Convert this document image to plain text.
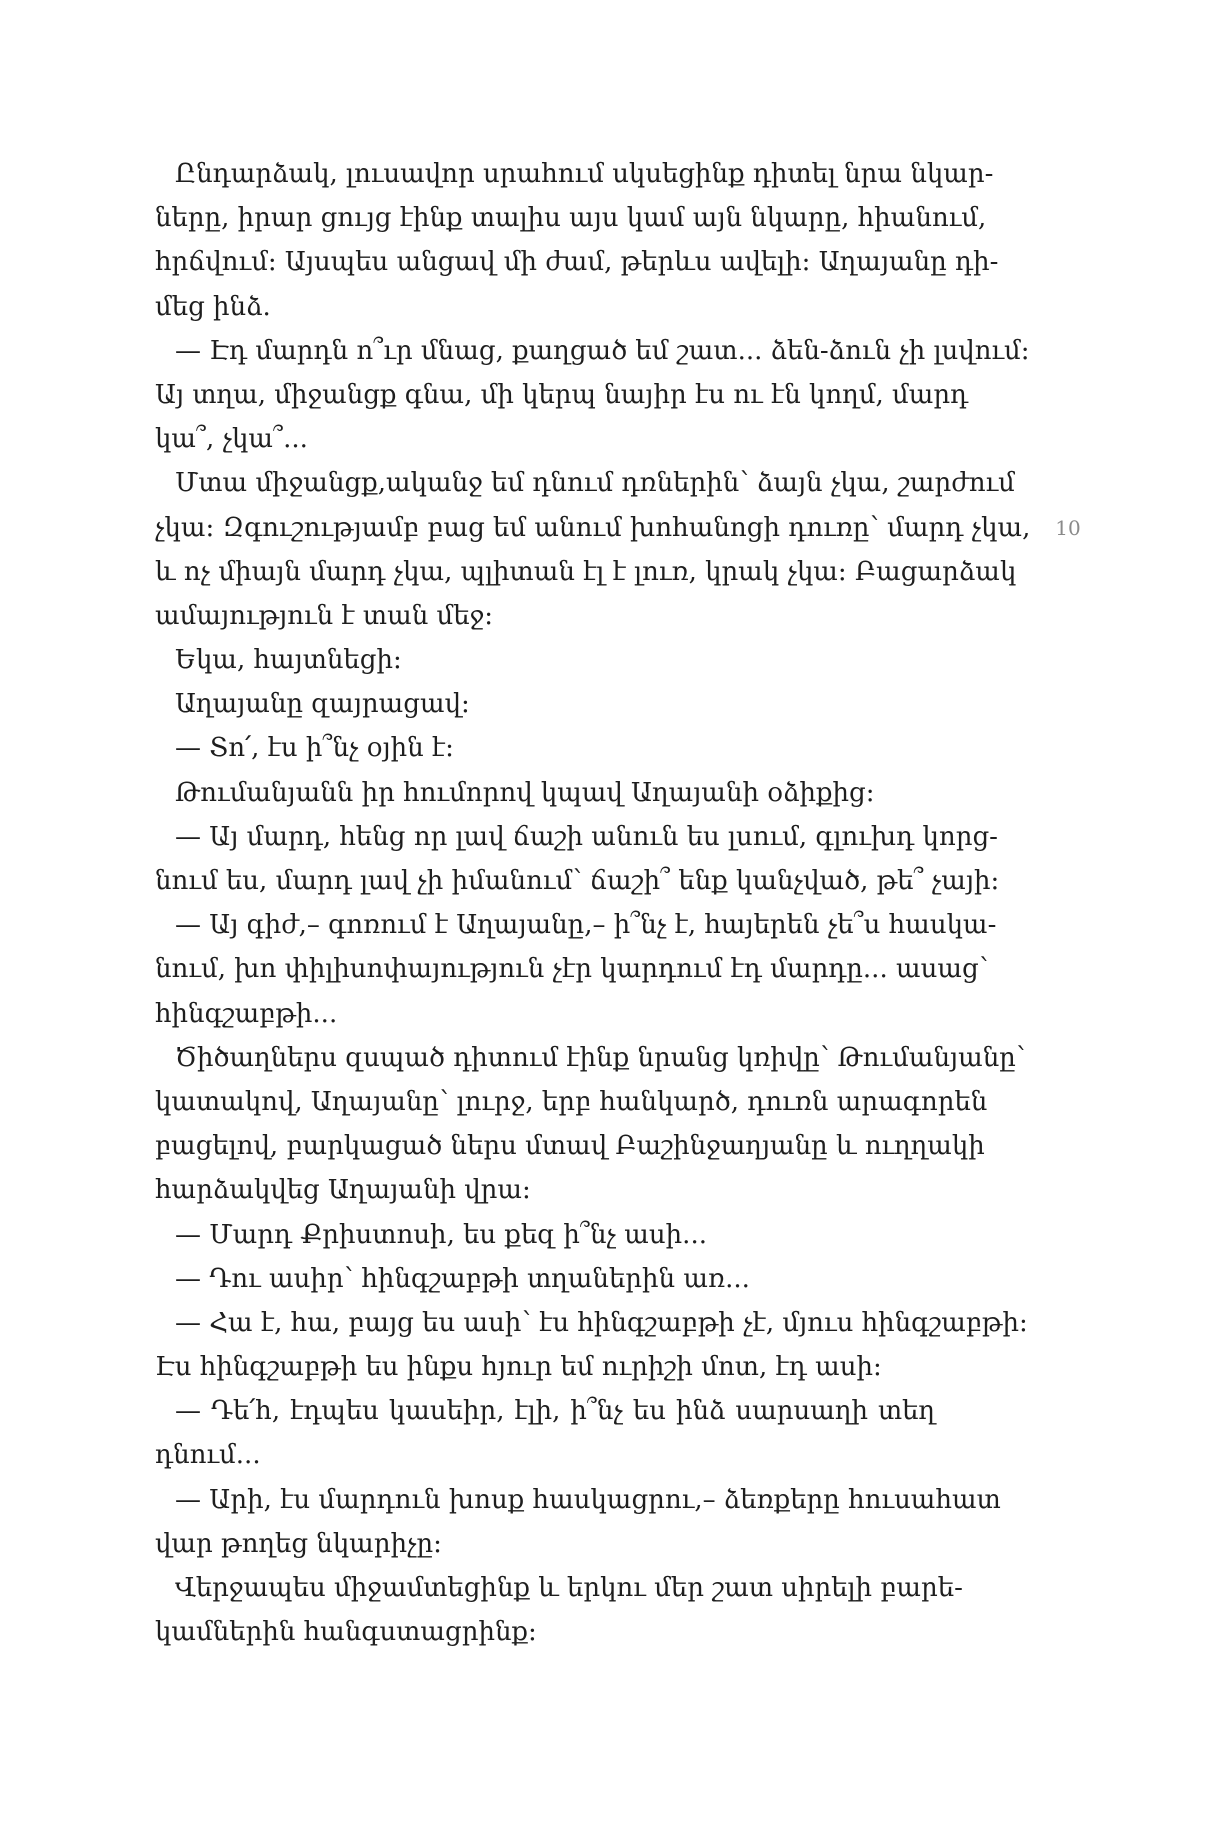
Ընդարձակ, լուսավոր սրահում սկսեցինք դիտել նրա նկար-
ները, իրար ցույց էինք տալիս այս կամ այն նկարը, հիանում,
հրճվում։ Այսպես անցավ մի ժամ, թերևս ավելի։ Աղայանը դի-
մեց ինձ.
— Էդ մարդն ո՞ւր մնաց, քաղցած եմ շատ... ձեն-ձուն չի լսվում։
Այ տղա, միջանցք գնա, մի կերպ նայիր էս ու էն կողմ, մարդ
կա՞, չկա՞...
Մտա միջանցք,ականջ եմ դնում դռներին՝ ձայն չկա, շարժում
չկա։ Զգուշությամբ բաց եմ անում խոհանոցի դուռը՝ մարդ չկա,
և ոչ միայն մարդ չկա, պլիտան էլ է լուռ, կրակ չկա։ Բացարձակ
ամայություն է տան մեջ։
Եկա, հայտնեցի։
Աղայանը զայրացավ։
— Տո՛, էս ի՞նչ օյին է։
Թումանյանն իր հումորով կպավ Աղայանի օձիքից։
— Այ մարդ, հենց որ լավ ճաշի անուն ես լսում, գլուխդ կորց-
նում ես, մարդ լավ չի իմանում՝ ճաշի՞ ենք կանչված, թե՞ չայի։
— Այ գիժ,– գոռում է Աղայանը,– ի՞նչ է, հայերեն չե՞ս հասկա-
նում, խո փիլիսոփայություն չէր կարդում էդ մարդը... ասաց՝
հինգշաբթի...
Ծիծաղներս զսպած դիտում էինք նրանց կռիվը՝ Թումանյանը՝
կատակով, Աղայանը՝ լուրջ, երբ հանկարծ, դուռն արագորեն
բացելով, բարկացած ներս մտավ Բաշինջաղյանը և ուղղակի
հարձակվեց Աղայանի վրա։
— Մարդ Քրիստոսի, ես քեզ ի՞նչ ասի...
— Դու ասիր՝ հինգշաբթի տղաներին առ...
— Հա է, հա, բայց ես ասի՝ էս հինգշաբթի չէ, մյուս հինգշաբթի։
Էս հինգշաբթի ես ինքս հյուր եմ ուրիշի մոտ, էդ ասի։
— Դե՛հ, էդպես կասեիր, էլի, ի՞նչ ես ինձ սարսաղի տեղ
դնում...
— Արի, էս մարդուն խոսք հասկացրու,– ձեռքերը հուսահատ
վար թողեց նկարիչը։
Վերջապես միջամտեցինք և երկու մեր շատ սիրելի բարե-
կամներին հանգստացրինք։
10
